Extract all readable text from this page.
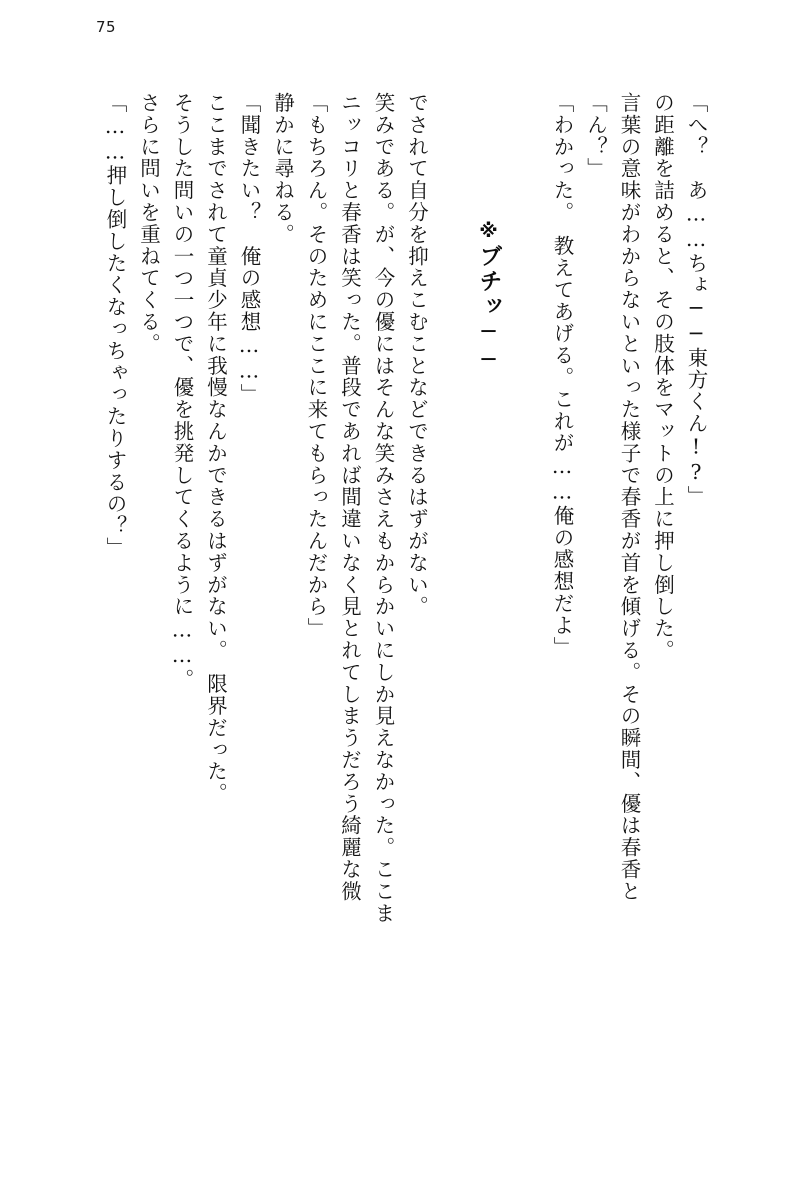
75
「……押し倒したくなっちゃったりするの？」 さらに問いを重ねてくる。 そうした問いの一つ一つで、優を挑発してくるように……。 ここまでされて童貞少年に我慢なんかできるはずがない。　限界だった。 「聞きたい？　俺の感想……」 静かに尋ねる。 「もちろん。そのためにここに来てもらったんだから」 ニッコリと春香は笑った。普段であれば間違いなく見とれてしまうだろう綺麗な微 笑みである。が、今の優にはそんな笑みさえもからかいにしか見えなかった。ここま でされて自分を抑えこむことなどできるはずがない。	※ブチッ── 「わかった。　教えてあげる。これが……俺の感想だよ」 「ん？」 言葉の意味がわからないといった様子で春香が首を傾げる。その瞬間、優は春香と の距離を詰めると、その肢体をマットの上に押し倒した。 「へ？　あ……ちょ──東方くん!?」
